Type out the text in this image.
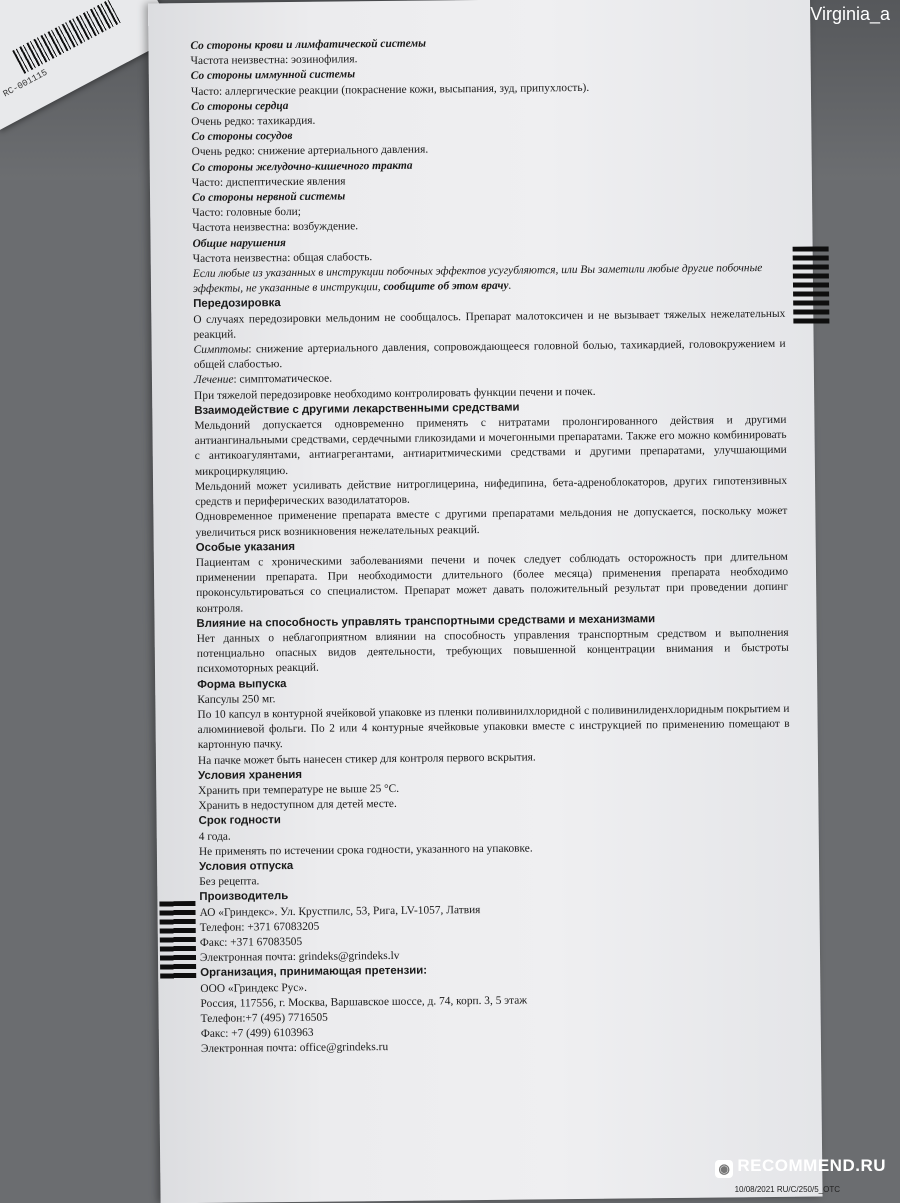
RC-001115
Virginia_a

Со стороны крови и лимфатической системы

Частота неизвестна: эозинофилия.

Со стороны иммунной системы

Часто: аллергические реакции (покраснение кожи, высыпания, зуд, припухлость).

Со стороны сердца

Очень редко: тахикардия.

Со стороны сосудов

Очень редко: снижение артериального давления.

Со стороны желудочно-кишечного тракта

Часто: диспептические явления

Со стороны нервной системы

Часто: головные боли;

Частота неизвестна: возбуждение.

Общие нарушения

Частота неизвестна: общая слабость.

Если любые из указанных в инструкции побочных эффектов усугубляются, или Вы заметили любые другие побочные эффекты, не указанные в инструкции, сообщите об этом врачу.

Передозировка

О случаях передозировки мельдоним не сообщалось. Препарат малотоксичен и не вызывает тяжелых нежелательных реакций.

Симптомы: снижение артериального давления, сопровождающееся головной болью, тахикардией, головокружением и общей слабостью.

Лечение: симптоматическое.

При тяжелой передозировке необходимо контролировать функции печени и почек.

Взаимодействие с другими лекарственными средствами

Мельдоний допускается одновременно применять с нитратами пролонгированного действия и другими антиангинальными средствами, сердечными гликозидами и мочегонными препаратами. Также его можно комбинировать с антикоагулянтами, антиагрегантами, антиаритмическими средствами и другими препаратами, улучшающими микроциркуляцию.

Мельдоний может усиливать действие нитроглицерина, нифедипина, бета-адреноблокаторов, других гипотензивных средств и периферических вазодилататоров.

Одновременное применение препарата вместе с другими препаратами мельдония не допускается, поскольку может увеличиться риск возникновения нежелательных реакций.

Особые указания

Пациентам с хроническими заболеваниями печени и почек следует соблюдать осторожность при длительном применении препарата. При необходимости длительного (более месяца) применения препарата необходимо проконсультироваться со специалистом. Препарат может давать положительный результат при проведении допинг контроля.

Влияние на способность управлять транспортными средствами и механизмами

Нет данных о неблагоприятном влиянии на способность управления транспортным средством и выполнения потенциально опасных видов деятельности, требующих повышенной концентрации внимания и быстроты психомоторных реакций.

Форма выпуска

Капсулы 250 мг.

По 10 капсул в контурной ячейковой упаковке из пленки поливинилхлоридной с поливинилиденхлоридным покрытием и алюминиевой фольги. По 2 или 4 контурные ячейковые упаковки вместе с инструкцией по применению помещают в картонную пачку.

На пачке может быть нанесен стикер для контроля первого вскрытия.

Условия хранения

Хранить при температуре не выше 25 °С.

Хранить в недоступном для детей месте.

Срок годности

4 года.

Не применять по истечении срока годности, указанного на упаковке.

Условия отпуска

Без рецепта.

Производитель

АО «Гриндекс». Ул. Крустпилс, 53, Рига, LV-1057, Латвия

Телефон: +371 67083205

Факс: +371 67083505

Электронная почта: grindeks@grindeks.lv

Организация, принимающая претензии:

ООО «Гриндекс Рус».

Россия, 117556, г. Москва, Варшавское шоссе, д. 74, корп. 3, 5 этаж

Телефон:+7 (495) 7716505

Факс: +7 (499) 6103963

Электронная почта: office@grindeks.ru

10/08/2021 RU/C/250/5_OTC
◉ RECOMMEND.RU
